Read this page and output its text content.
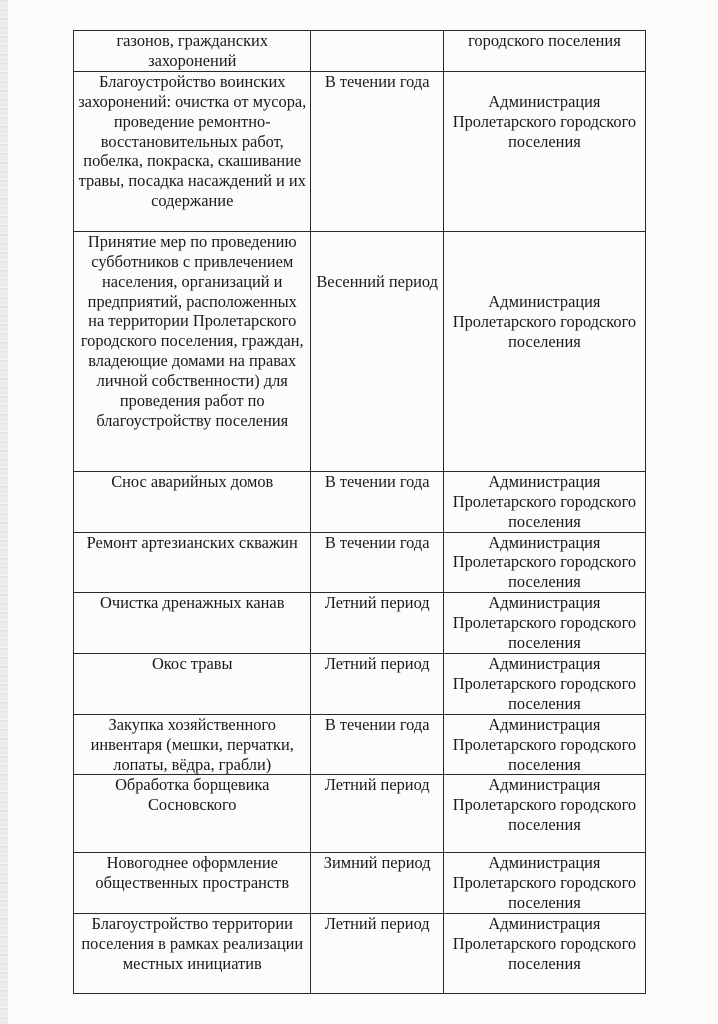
газонов, гражданских захоронений		городского поселения
Благоустройство воинских захоронений: очистка от мусора, проведение ремонтно-восстановительных работ, побелка, покраска, скашивание травы, посадка насаждений и их содержание	В течении года	Администрация Пролетарского городского поселения
Принятие мер по проведению субботников с привлечением населения, организаций и предприятий, расположенных на территории Пролетарского городского поселения, граждан, владеющие домами на правах личной собственности) для проведения работ по благоустройству поселения	Весенний период	Администрация Пролетарского городского поселения
Снос аварийных домов	В течении года	Администрация Пролетарского городского поселения
Ремонт артезианских скважин	В течении года	Администрация Пролетарского городского поселения
Очистка дренажных канав	Летний период	Администрация Пролетарского городского поселения
Окос травы	Летний период	Администрация Пролетарского городского поселения
Закупка хозяйственного инвентаря (мешки, перчатки, лопаты, вёдра, грабли)	В течении года	Администрация Пролетарского городского поселения
Обработка борщевика Сосновского	Летний период	Администрация Пролетарского городского поселения
Новогоднее оформление общественных пространств	Зимний период	Администрация Пролетарского городского поселения
Благоустройство территории поселения в рамках реализации местных инициатив	Летний период	Администрация Пролетарского городского поселения
